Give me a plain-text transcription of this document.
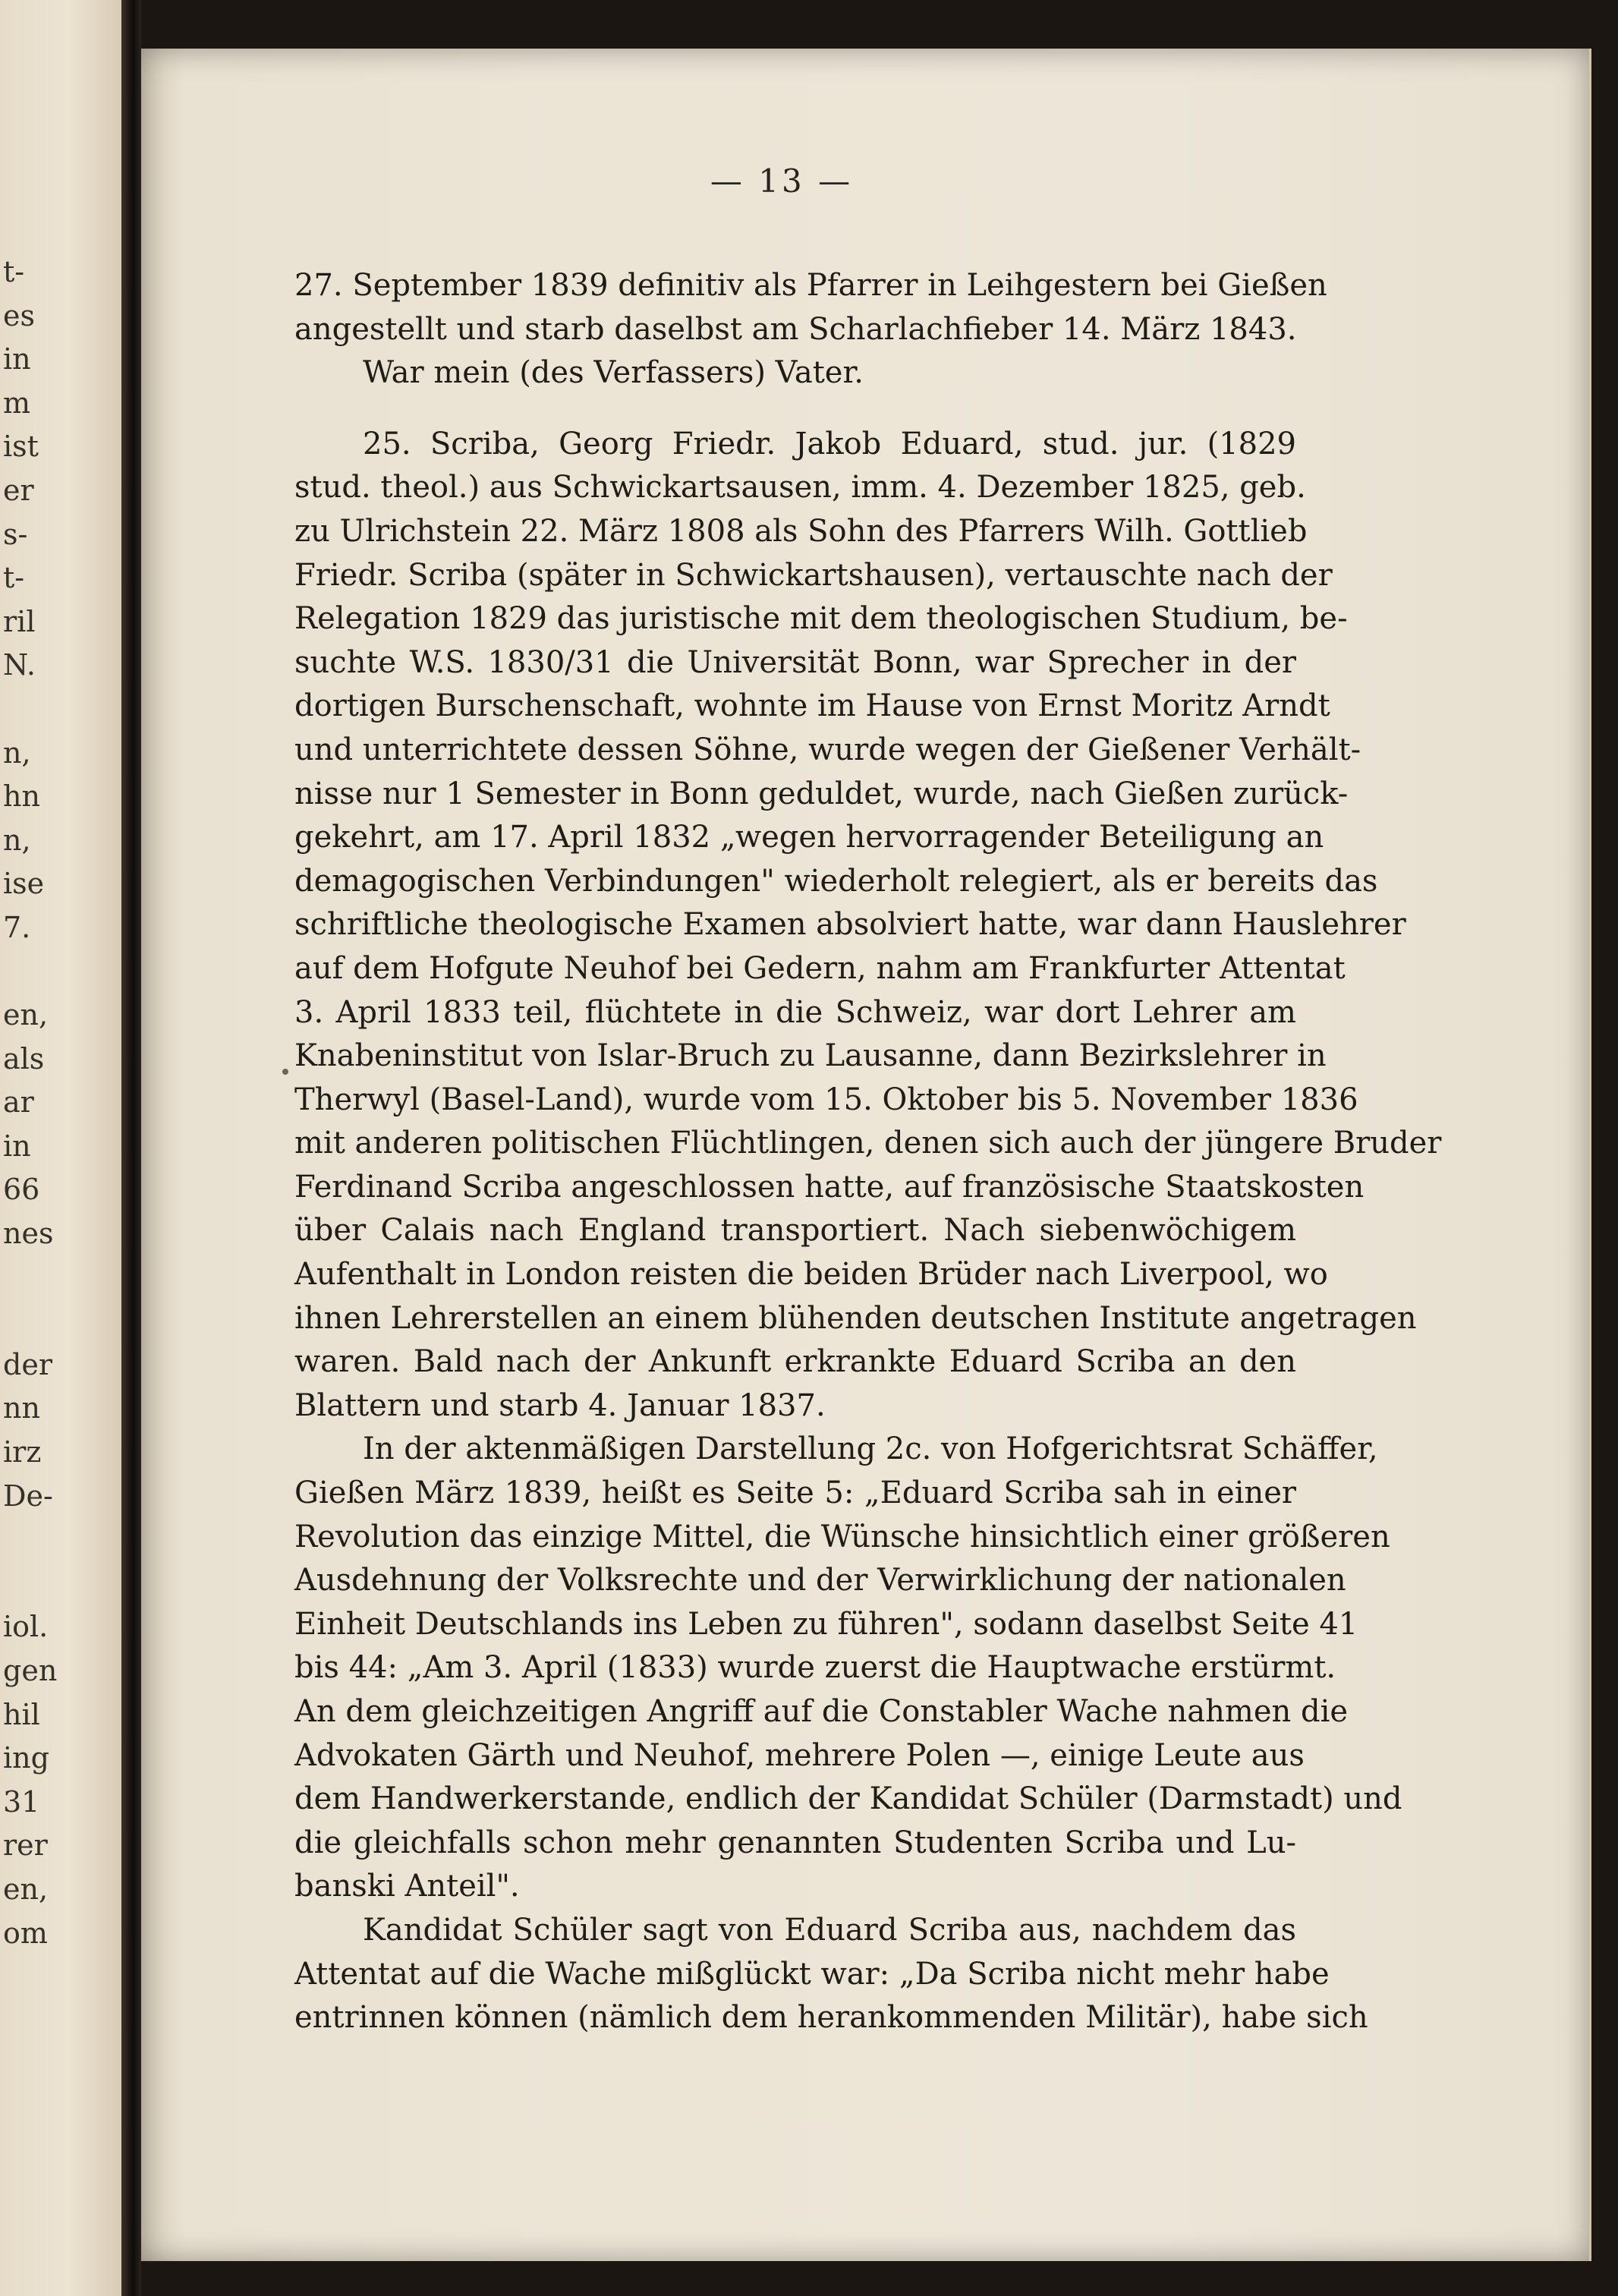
t-
es
in
m
ist
er
s-
t-
ril
N.
n,
hn
n,
ise
7.
en,
als
ar
in
66
nes
der
nn
irz
De-
iol.
gen
hil
ing
31
rer
en,
om
— 13 —
27. September 1839 definitiv als Pfarrer in Leihgestern bei Gießen
angestellt und starb daselbst am Scharlachfieber 14. März 1843.
War mein (des Verfassers) Vater.
25. Scriba, Georg Friedr. Jakob Eduard, stud. jur. (1829
stud. theol.) aus Schwickartsausen, imm. 4. Dezember 1825, geb.
zu Ulrichstein 22. März 1808 als Sohn des Pfarrers Wilh. Gottlieb
Friedr. Scriba (später in Schwickartshausen), vertauschte nach der
Relegation 1829 das juristische mit dem theologischen Studium, be-
suchte W.S. 1830/31 die Universität Bonn, war Sprecher in der
dortigen Burschenschaft, wohnte im Hause von Ernst Moritz Arndt
und unterrichtete dessen Söhne, wurde wegen der Gießener Verhält-
nisse nur 1 Semester in Bonn geduldet, wurde, nach Gießen zurück-
gekehrt, am 17. April 1832 „wegen hervorragender Beteiligung an
demagogischen Verbindungen" wiederholt relegiert, als er bereits das
schriftliche theologische Examen absolviert hatte, war dann Hauslehrer
auf dem Hofgute Neuhof bei Gedern, nahm am Frankfurter Attentat
3. April 1833 teil, flüchtete in die Schweiz, war dort Lehrer am
Knabeninstitut von Islar-Bruch zu Lausanne, dann Bezirkslehrer in
Therwyl (Basel-Land), wurde vom 15. Oktober bis 5. November 1836
mit anderen politischen Flüchtlingen, denen sich auch der jüngere Bruder
Ferdinand Scriba angeschlossen hatte, auf französische Staatskosten
über Calais nach England transportiert. Nach siebenwöchigem
Aufenthalt in London reisten die beiden Brüder nach Liverpool, wo
ihnen Lehrerstellen an einem blühenden deutschen Institute angetragen
waren. Bald nach der Ankunft erkrankte Eduard Scriba an den
Blattern und starb 4. Januar 1837.
In der aktenmäßigen Darstellung 2c. von Hofgerichtsrat Schäffer,
Gießen März 1839, heißt es Seite 5: „Eduard Scriba sah in einer
Revolution das einzige Mittel, die Wünsche hinsichtlich einer größeren
Ausdehnung der Volksrechte und der Verwirklichung der nationalen
Einheit Deutschlands ins Leben zu führen", sodann daselbst Seite 41
bis 44: „Am 3. April (1833) wurde zuerst die Hauptwache erstürmt.
An dem gleichzeitigen Angriff auf die Constabler Wache nahmen die
Advokaten Gärth und Neuhof, mehrere Polen —, einige Leute aus
dem Handwerkerstande, endlich der Kandidat Schüler (Darmstadt) und
die gleichfalls schon mehr genannten Studenten Scriba und Lu-
banski Anteil".
Kandidat Schüler sagt von Eduard Scriba aus, nachdem das
Attentat auf die Wache mißglückt war: „Da Scriba nicht mehr habe
entrinnen können (nämlich dem herankommenden Militär), habe sich
